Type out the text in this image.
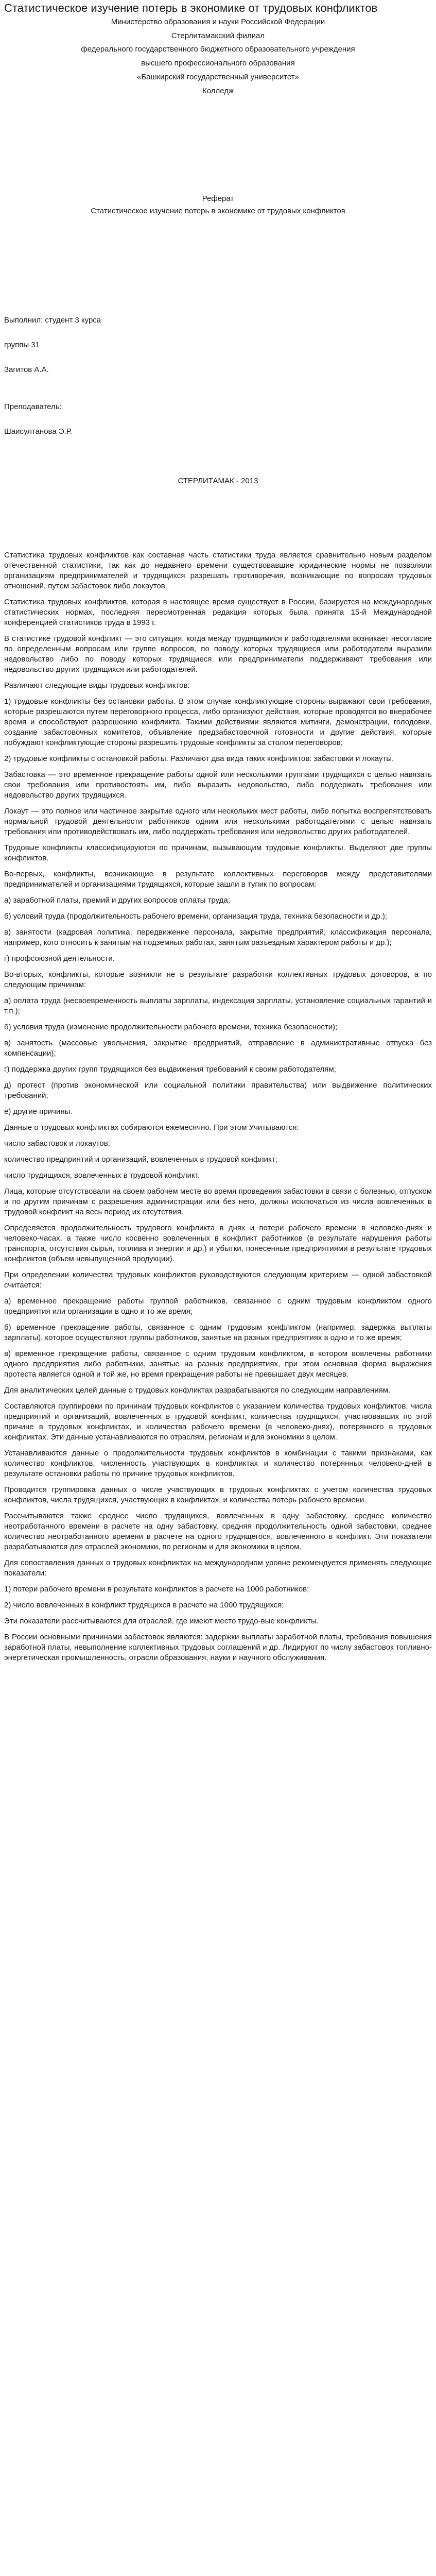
Статистическое изучение потерь в экономике от трудовых конфликтов

Министерство образования и науки Российской Федерации

Стерлитамакский филиал

федерального государственного бюджетного образовательного учреждения

высшего профессионального образования

«Башкирский государственный университет»

Колледж

Реферат

Статистическое изучение потерь в экономике от трудовых конфликтов

Выполнил: студент 3 курса

группы 31

Загитов А.А.

Преподаватель:

Шаисултанова Э.Р.

СТЕРЛИТАМАК - 2013

Статистика трудовых конфликтов как составная часть статистики труда является сравнительно новым разделом отечественной статистики, так как до недавнего времени существовавшие юридические нормы не позволяли организациям предпринимателей и трудящихся разрешать противоречия, возникающие по вопросам трудовых отношений, путем забастовок либо локаутов.

Статистика трудовых конфликтов, которая в настоящее время существует в России, базируется на международных статистических нормах, последняя пересмотренная редакция которых была принята 15-й Международной конференцией статистиков труда в 1993 г.

В статистике трудовой конфликт — это ситуация, когда между трудящимися и работодателями возникает несогласие по определенным вопросам или группе вопросов, по поводу которых трудящиеся или работодатели выразили недовольство либо по поводу которых трудящиеся или предприниматели поддерживают требования или недовольство других трудящихся или работодателей.

Различают следующие виды трудовых конфликтов:

1) трудовые конфликты без остановки работы. В этом случае конфликтующие стороны выражают свои требования, которые разрешаются путем переговорного процесса, либо организуют действия, которые проводятся во внерабочее время и способствуют разрешению конфликта. Такими действиями являются митинги, демонстрации, голодовки, создание забастовочных комитетов, объявление предзабастовочной готовности и другие действия, которые побуждают конфликтующие стороны разрешить трудовые конфликты за столом переговоров;

2) трудовые конфликты с остановкой работы. Различают два вида таких конфликтов: забастовки и локауты.

Забастовка — это временное прекращение работы одной или несколькими группами трудящихся с целью навязать свои требования или противостоять им, либо выразить недовольство, либо поддержать требования или недовольство других трудящихся.

Локаут — это полное или частичное закрытие одного или нескольких мест работы, либо попытка воспрепятствовать нормальной трудовой деятельности работников одним или несколькими работодателями с целью навязать требования или противодействовать им, либо поддержать требования или недовольство других работодателей.

Трудовые конфликты классифицируются по причинам, вызывающим трудовые конфликты. Выделяют две группы конфликтов.

Во-первых, конфликты, возникающие в результате коллективных переговоров между представителями предпринимателей и организациями трудящихся, которые зашли в тупик по вопросам:

а) заработной платы, премий и других вопросов оплаты труда;

б) условий труда (продолжительность рабочего времени, организация труда, техника безопасности и др.);

в) занятости (кадровая политика, передвижение персонала, закрытие предприятий, классификация персонала, например, кого относить к занятым на подземных работах, занятым разъездным характером работы и др.);

г) профсоюзной деятельности.

Во-вторых, конфликты, которые возникли не в результате разработки коллективных трудовых договоров, а по следующим причинам:

а) оплата труда (несвоевременность выплаты зарплаты, индексация зарплаты, установление социальных гарантий и т.п.);

б) условия труда (изменение продолжительности рабочего времени, техника безопасности);

в) занятость (массовые увольнения, закрытие предприятий, отправление в административные отпуска без компенсации);

г) поддержка других групп трудящихся без выдвижения требований к своим работодателям;

д) протест (против экономической или социальной политики правительства) или выдвижение политических требований;

е) другие причины.

Данные о трудовых конфликтах собираются ежемесячно. При этом Учитываются:

число забастовок и локаутов;

количество предприятий и организаций, вовлеченных в трудовой конфликт;

число трудящихся, вовлеченных в трудовой конфликт.

Лица, которые отсутствовали на своем рабочем месте во время проведения забастовки в связи с болезнью, отпуском и по другим причинам с разрешения администрации или без него, должны исключаться из числа вовлеченных в трудовой конфликт на весь период их отсутствия.

Определяется продолжительность трудового конфликта в днях и потери рабочего времени в человеко-днях и человеко-часах, а также число косвенно вовлеченных в конфликт работников (в результате нарушения работы транспорта, отсутствия сырья, топлива и энергии и др.) и убытки, понесенные предприятиями в результате трудовых конфликтов (объем невыпущенной продукции).

При определении количества трудовых конфликтов руководствуются следующим критерием — одной забастовкой считается:

а) временное прекращение работы группой работников, связанное с одним трудовым конфликтом одного предприятия или организации в одно и то же время;

б) временное прекращение работы, связанное с одним трудовым конфликтом (например, задержка выплаты зарплаты), которое осуществляют группы работников, занятые на разных предприятиях в одно и то же время;

в) временное прекращение работы, связанное с одним трудовым конфликтом, в котором вовлечены работники одного предприятия либо работники, занятые на разных предприятиях, при этом основная форма выражения протеста является одной и той же, но время прекращения работы не превышает двух месяцев.

Для аналитических целей данные о трудовых конфликтах разрабатываются по следующим направлениям.

Составляются группировки по причинам трудовых конфликтов с указанием количества трудовых конфликтов, числа предприятий и организаций, вовлеченных в трудовой конфликт, количества трудящихся, участвовавших по этой причине в трудовых конфликтах, и количества рабочего времени (в человеко-днях), потерянного в трудовых конфликтах. Эти данные устанавливаются по отраслям, регионам и для экономики в целом.

Устанавливаются данные о продолжительности трудовых конфликтов в комбинации с такими признаками, как количество конфликтов, численность участвующих в конфликтах и количество потерянных человеко-дней в результате остановки работы по причине трудовых конфликтов.

Проводится группировка данных о числе участвующих в трудовых конфликтах с учетом количества трудовых конфликтов, числа трудящихся, участвующих в конфликтах, и количества потерь рабочего времени.

Рассчитываются также среднее число трудящихся, вовлеченных в одну забастовку, среднее количество неотработанного времени в расчете на одну забастовку, средняя продолжительность одной забастовки, среднее количество неотработанного времени в расчете на одного трудящегося, вовлеченного в конфликт. Эти показатели разрабатываются для отраслей экономики, по регионам и для экономики в целом.

Для сопоставления данных о трудовых конфликтах на международном уровне рекомендуется применять следующие показатели:

1) потери рабочего времени в результате конфликтов в расчете на 1000 работников;

2) число вовлеченных в конфликт трудящихся в расчете на 1000 трудящихся;

Эти показатели рассчитываются для отраслей, где имеют место трудо-вые конфликты.

В России основными причинами забастовок являются: задержки выплаты заработной платы, требования повышения заработной платы, невыполнение коллективных трудовых соглашений и др. Лидируют по числу забастовок топливно-энергетическая промышленность, отрасли образования, науки и научного обслуживания.
